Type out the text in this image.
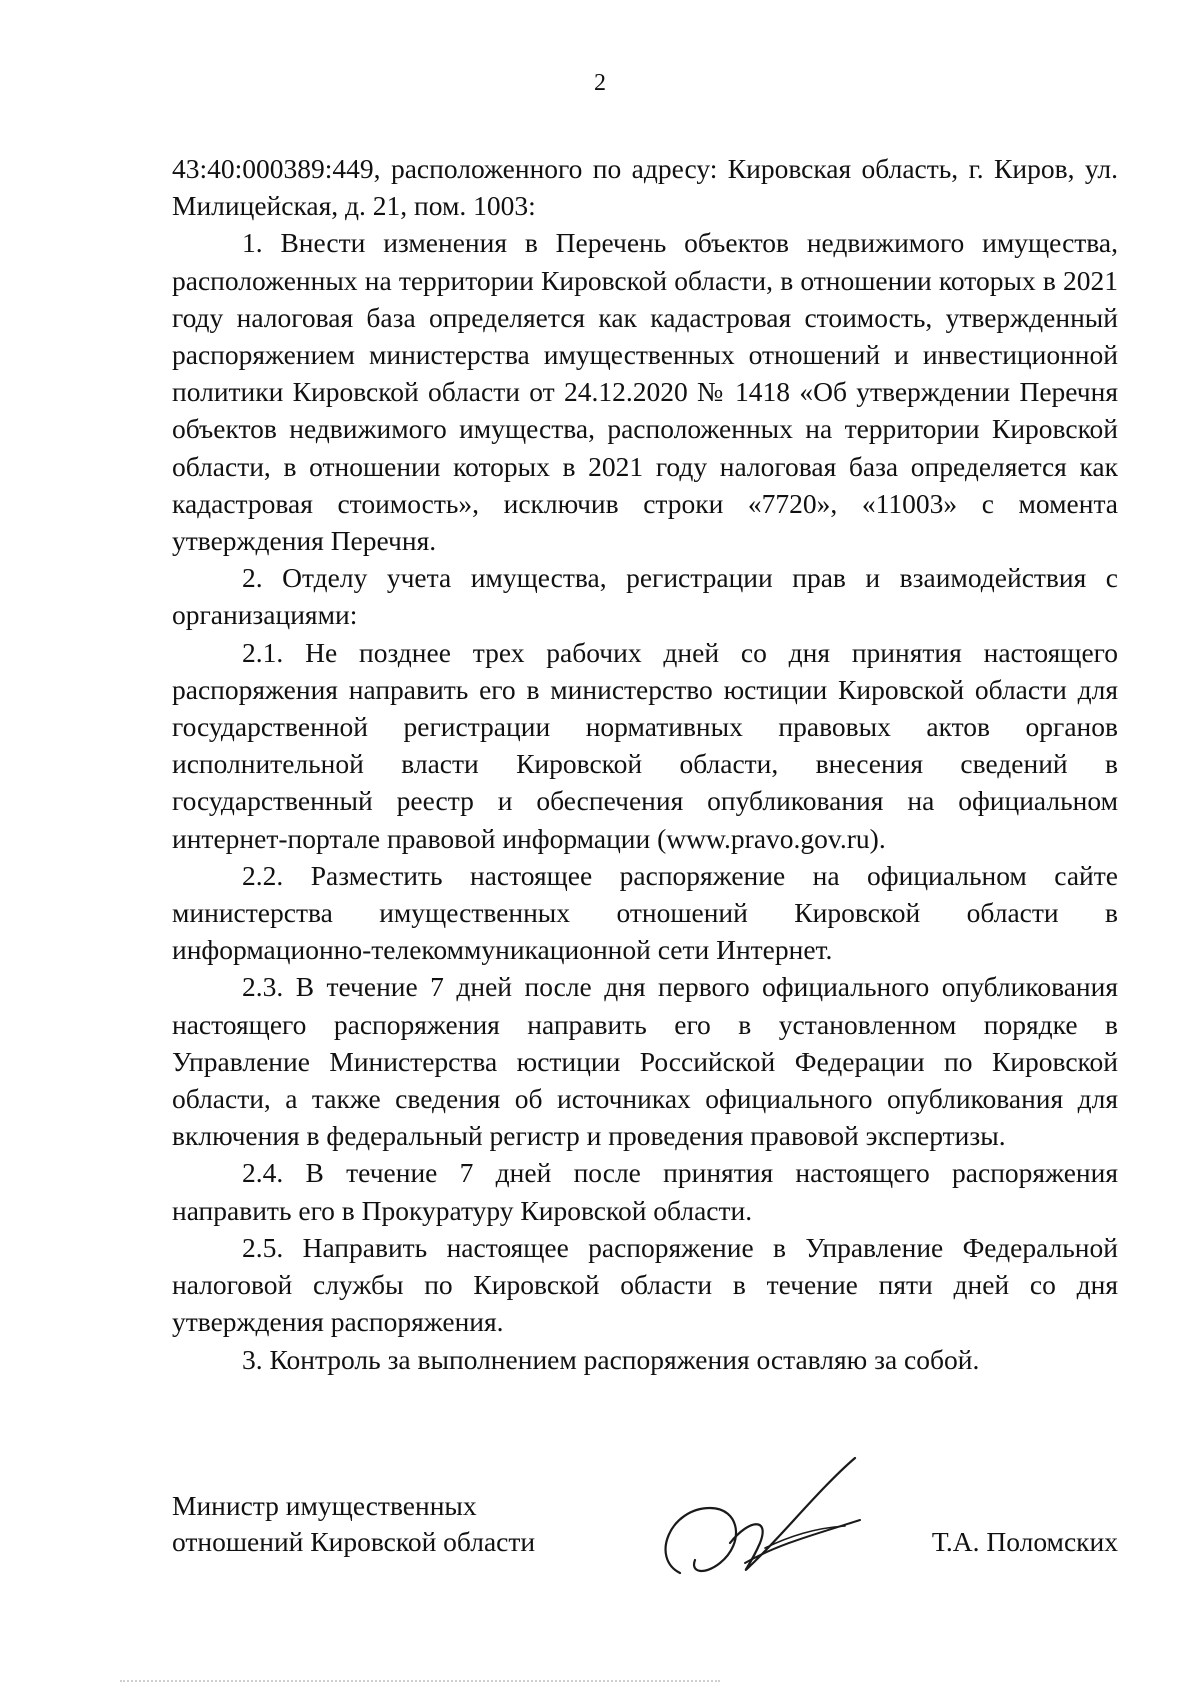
2

43:40:000389:449, расположенного по адресу: Кировская область, г. Киров, ул. Милицейская, д. 21, пом. 1003:

1. Внести изменения в Перечень объектов недвижимого имущества, расположенных на территории Кировской области, в отношении которых в 2021 году налоговая база определяется как кадастровая стоимость, утвержденный распоряжением министерства имущественных отношений и инвестиционной политики Кировской области от 24.12.2020 № 1418 «Об утверждении Перечня объектов недвижимого имущества, расположенных на территории Кировской области, в отношении которых в 2021 году налоговая база определяется как кадастровая стоимость», исключив строки «7720», «11003» с момента утверждения Перечня.

2. Отделу учета имущества, регистрации прав и взаимодействия с организациями:

2.1. Не позднее трех рабочих дней со дня принятия настоящего распоряжения направить его в министерство юстиции Кировской области для государственной регистрации нормативных правовых актов органов исполнительной власти Кировской области, внесения сведений в государственный реестр и обеспечения опубликования на официальном интернет-портале правовой информации (www.pravo.gov.ru).

2.2. Разместить настоящее распоряжение на официальном сайте министерства имущественных отношений Кировской области в информационно-телекоммуникационной сети Интернет.

2.3. В течение 7 дней после дня первого официального опубликования настоящего распоряжения направить его в установленном порядке в Управление Министерства юстиции Российской Федерации по Кировской области, а также сведения об источниках официального опубликования для включения в федеральный регистр и проведения правовой экспертизы.

2.4. В течение 7 дней после принятия настоящего распоряжения направить его в Прокуратуру Кировской области.

2.5. Направить настоящее распоряжение в Управление Федеральной налоговой службы по Кировской области в течение пяти дней со дня утверждения распоряжения.

3. Контроль за выполнением распоряжения оставляю за собой.

Министр имущественных
отношений Кировской области	Т.А. Поломских
